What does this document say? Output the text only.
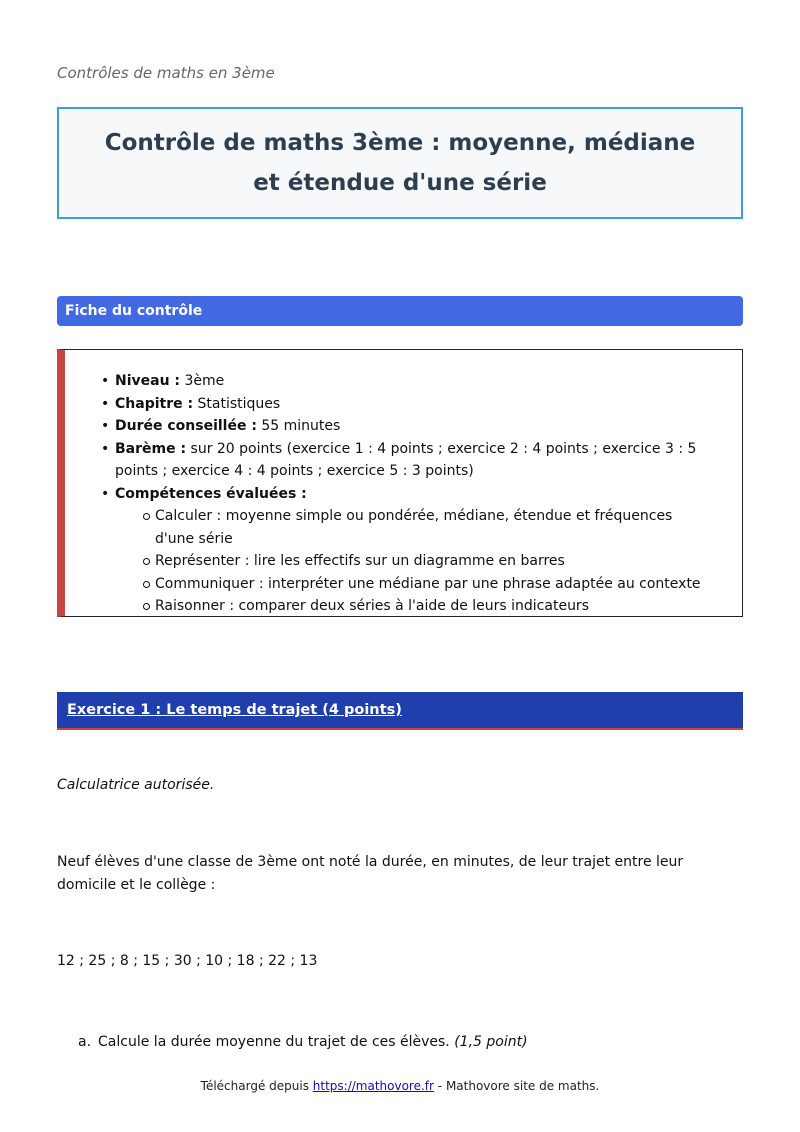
Contrôles de maths en 3ème
Contrôle de maths 3ème : moyenne, médiane et étendue d'une série
Fiche du contrôle
• Niveau : 3ème
• Chapitre : Statistiques
• Durée conseillée : 55 minutes
• Barème : sur 20 points (exercice 1 : 4 points ; exercice 2 : 4 points ; exercice 3 : 5 points ; exercice 4 : 4 points ; exercice 5 : 3 points)
• Compétences évaluées :
Calculer : moyenne simple ou pondérée, médiane, étendue et fréquences d'une série
Représenter : lire les effectifs sur un diagramme en barres
Communiquer : interpréter une médiane par une phrase adaptée au contexte
Raisonner : comparer deux séries à l'aide de leurs indicateurs
Exercice 1 : Le temps de trajet (4 points)
Calculatrice autorisée.
Neuf élèves d'une classe de 3ème ont noté la durée, en minutes, de leur trajet entre leur domicile et le collège :
12 ; 25 ; 8 ; 15 ; 30 ; 10 ; 18 ; 22 ; 13
a. Calcule la durée moyenne du trajet de ces élèves. (1,5 point)
Téléchargé depuis https://mathovore.fr - Mathovore site de maths.
